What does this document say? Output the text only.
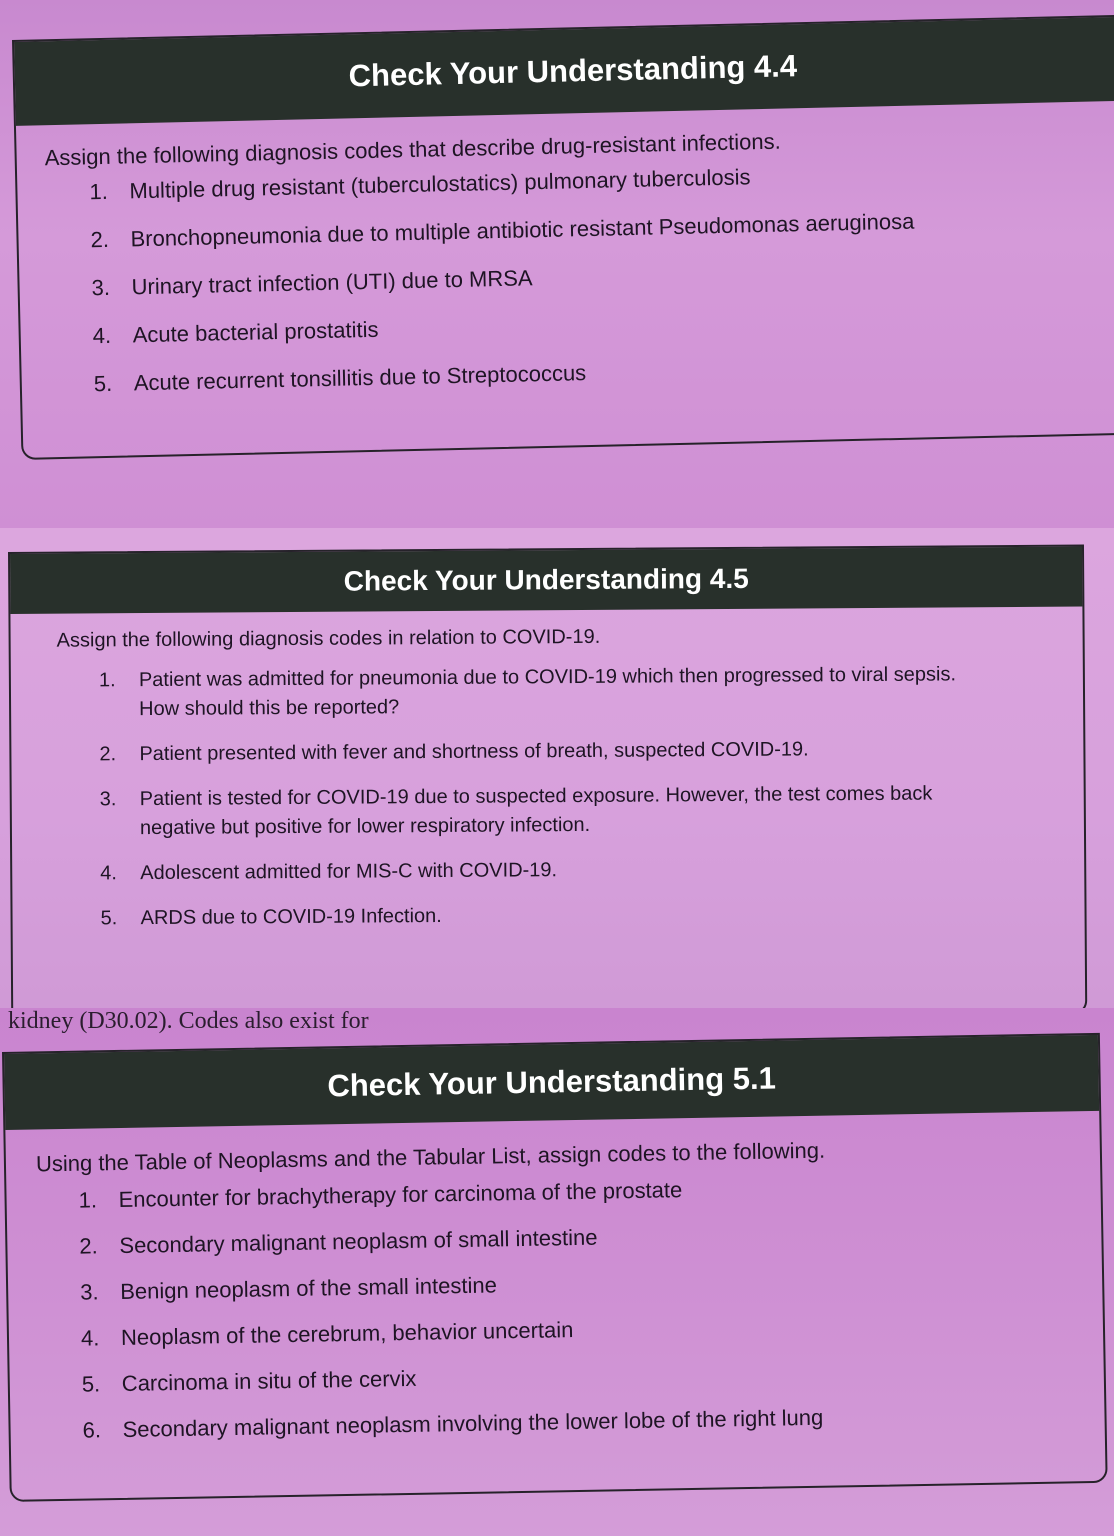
Check Your Understanding 4.4
Assign the following diagnosis codes that describe drug-resistant infections.
1. Multiple drug resistant (tuberculostatics) pulmonary tuberculosis
2. Bronchopneumonia due to multiple antibiotic resistant Pseudomonas aeruginosa
3. Urinary tract infection (UTI) due to MRSA
4. Acute bacterial prostatitis
5. Acute recurrent tonsillitis due to Streptococcus
Check Your Understanding 4.5
Assign the following diagnosis codes in relation to COVID-19.
1.	Patient was admitted for pneumonia due to COVID-19 which then progressed to viral sepsis. How should this be reported?
2.	Patient presented with fever and shortness of breath, suspected COVID-19.
3.	Patient is tested for COVID-19 due to suspected exposure. However, the test comes back negative but positive for lower respiratory infection.
4.	Adolescent admitted for MIS-C with COVID-19.
5.	ARDS due to COVID-19 Infection.
kidney (D30.02). Codes also exist for
Check Your Understanding 5.1
Using the Table of Neoplasms and the Tabular List, assign codes to the following.
1. Encounter for brachytherapy for carcinoma of the prostate
2. Secondary malignant neoplasm of small intestine
3. Benign neoplasm of the small intestine
4. Neoplasm of the cerebrum, behavior uncertain
5. Carcinoma in situ of the cervix
6. Secondary malignant neoplasm involving the lower lobe of the right lung
